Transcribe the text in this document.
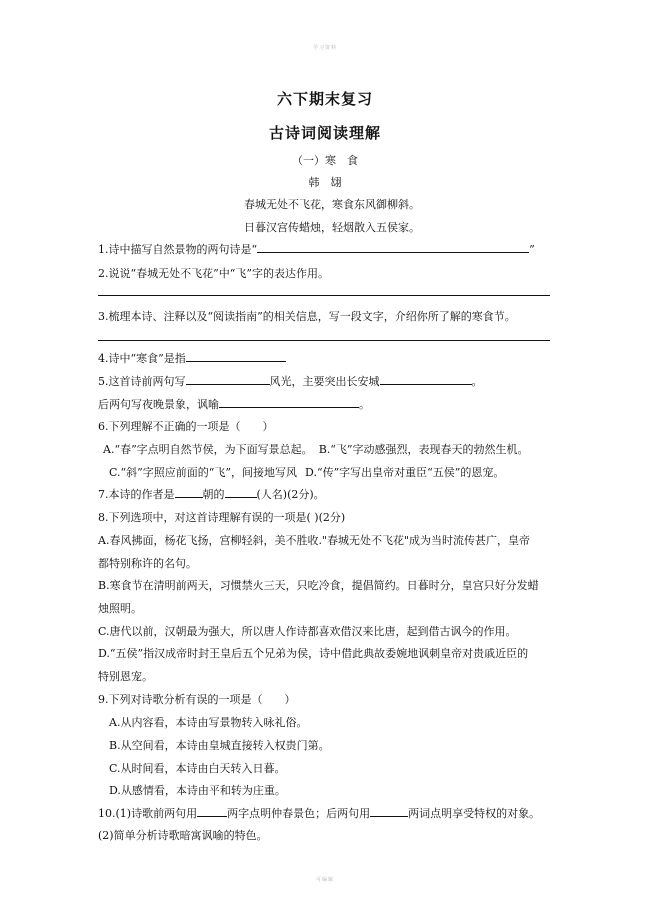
学习资料
六下期末复习
古诗词阅读理解
（一）寒　食
韩　翃
春城无处不飞花，寒食东风御柳斜。
日暮汉宫传蜡烛，轻烟散入五侯家。
1.诗中描写自然景物的两句诗是“	”
2.说说“春城无处不飞花”中“飞”字的表达作用。
3.梳理本诗、注释以及“阅读指南”的相关信息，写一段文字，介绍你所了解的寒食节。
4.诗中“寒食”是指
5.这首诗前两句写	风光，主要突出长安城	。
后两句写夜晚景象，讽喻	。
6.下列理解不正确的一项是（　　）
A.“春”字点明自然节侯，为下面写景总起。 B.“飞”字动感强烈，表现春天的勃然生机。
C.“斜”字照应前面的“飞”，间接地写风 D.“传”字写出皇帝对重臣“五侯”的恩宠。
7.本诗的作者是	朝的	(人名)(2分)。
8.下列选项中，对这首诗理解有误的一项是( )(2分)
A.春风拂面，杨花飞扬，宫柳轻斜，美不胜收."春城无处不飞花"成为当时流传甚广，皇帝
都特别称许的名句。
B.寒食节在清明前两天，习惯禁火三天，只吃冷食，提倡简约。日暮时分，皇宫只好分发蜡
烛照明。
C.唐代以前，汉朝最为强大，所以唐人作诗都喜欢借汉来比唐，起到借古讽今的作用。
D.“五侯”指汉成帝时封王皇后五个兄弟为侯，诗中借此典故委婉地讽刺皇帝对贵戚近臣的
特别恩宠。
9.下列对诗歌分析有误的一项是（　　）
A.从内容看，本诗由写景物转入咏礼俗。
B.从空间看，本诗由皇城直接转入权贵门第。
C.从时间看，本诗由白天转入日暮。
D.从感情看，本诗由平和转为庄重。
10.(1)诗歌前两句用	两字点明仲春景色；后两句用	两词点明享受特权的对象。
(2)简单分析诗歌暗寓讽喻的特色。
可编辑
